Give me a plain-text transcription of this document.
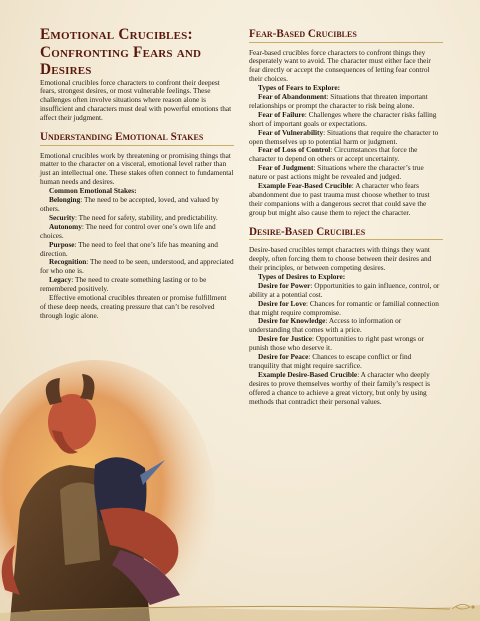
Emotional Crucibles: Confronting Fears and Desires

Emotional crucibles force characters to confront their deepest fears, strongest desires, or most vulnerable feelings. These challenges often involve situations where reason alone is insufficient and characters must deal with powerful emotions that affect their judgment.

Understanding Emotional Stakes

Emotional crucibles work by threatening or promising things that matter to the character on a visceral, emotional level rather than just an intellectual one. These stakes often connect to fundamental human needs and desires.

Common Emotional Stakes:

Belonging: The need to be accepted, loved, and valued by others.

Security: The need for safety, stability, and predictability.

Autonomy: The need for control over one’s own life and choices.

Purpose: The need to feel that one’s life has meaning and direction.

Recognition: The need to be seen, understood, and appreciated for who one is.

Legacy: The need to create something lasting or to be remembered positively.

Effective emotional crucibles threaten or promise fulfillment of these deep needs, creating pressure that can’t be resolved through logic alone.

Fear-Based Crucibles

Fear-based crucibles force characters to confront things they desperately want to avoid. The character must either face their fear directly or accept the consequences of letting fear control their choices.

Types of Fears to Explore:

Fear of Abandonment: Situations that threaten important relationships or prompt the character to risk being alone.

Fear of Failure: Challenges where the character risks falling short of important goals or expectations.

Fear of Vulnerability: Situations that require the character to open themselves up to potential harm or judgment.

Fear of Loss of Control: Circumstances that force the character to depend on others or accept uncertainty.

Fear of Judgment: Situations where the character’s true nature or past actions might be revealed and judged.

Example Fear-Based Crucible: A character who fears abandonment due to past trauma must choose whether to trust their companions with a dangerous secret that could save the group but might also cause them to reject the character.

Desire-Based Crucibles

Desire-based crucibles tempt characters with things they want deeply, often forcing them to choose between their desires and their principles, or between competing desires.

Types of Desires to Explore:

Desire for Power: Opportunities to gain influence, control, or ability at a potential cost.

Desire for Love: Chances for romantic or familial connection that might require compromise.

Desire for Knowledge: Access to information or understanding that comes with a price.

Desire for Justice: Opportunities to right past wrongs or punish those who deserve it.

Desire for Peace: Chances to escape conflict or find tranquility that might require sacrifice.

Example Desire-Based Crucible: A character who deeply desires to prove themselves worthy of their family’s respect is offered a chance to achieve a great victory, but only by using methods that contradict their personal values.
